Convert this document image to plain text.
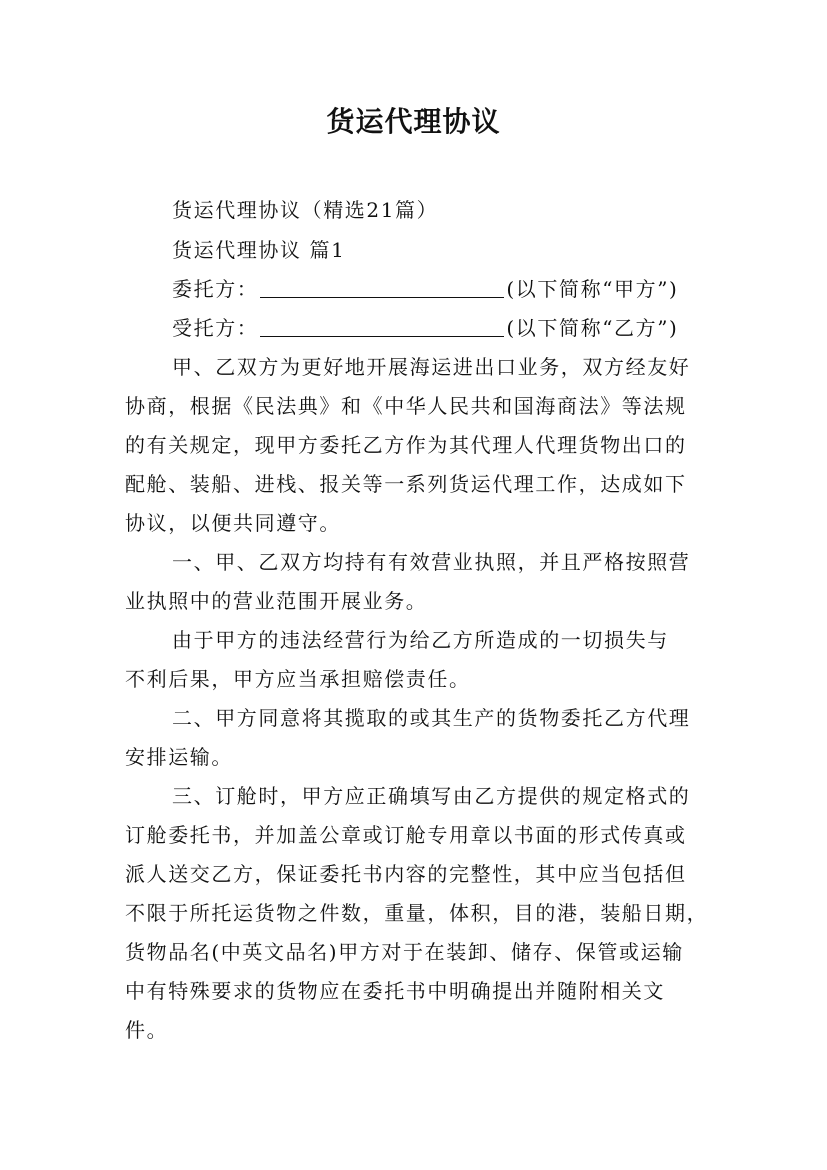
货运代理协议
货运代理协议（精选21篇）
货运代理协议 篇1
委托方：	(以下简称“甲方”)
受托方：	(以下简称“乙方”)
甲、乙双方为更好地开展海运进出口业务，双方经友好
协商，根据《民法典》和《中华人民共和国海商法》等法规
的有关规定，现甲方委托乙方作为其代理人代理货物出口的
配舱、装船、进栈、报关等一系列货运代理工作，达成如下
协议，以便共同遵守。
一、甲、乙双方均持有有效营业执照，并且严格按照营
业执照中的营业范围开展业务。
由于甲方的违法经营行为给乙方所造成的一切损失与
不利后果，甲方应当承担赔偿责任。
二、甲方同意将其揽取的或其生产的货物委托乙方代理
安排运输。
三、订舱时，甲方应正确填写由乙方提供的规定格式的
订舱委托书，并加盖公章或订舱专用章以书面的形式传真或
派人送交乙方，保证委托书内容的完整性，其中应当包括但
不限于所托运货物之件数，重量，体积，目的港，装船日期，
货物品名(中英文品名)甲方对于在装卸、储存、保管或运输
中有特殊要求的货物应在委托书中明确提出并随附相关文
件。
